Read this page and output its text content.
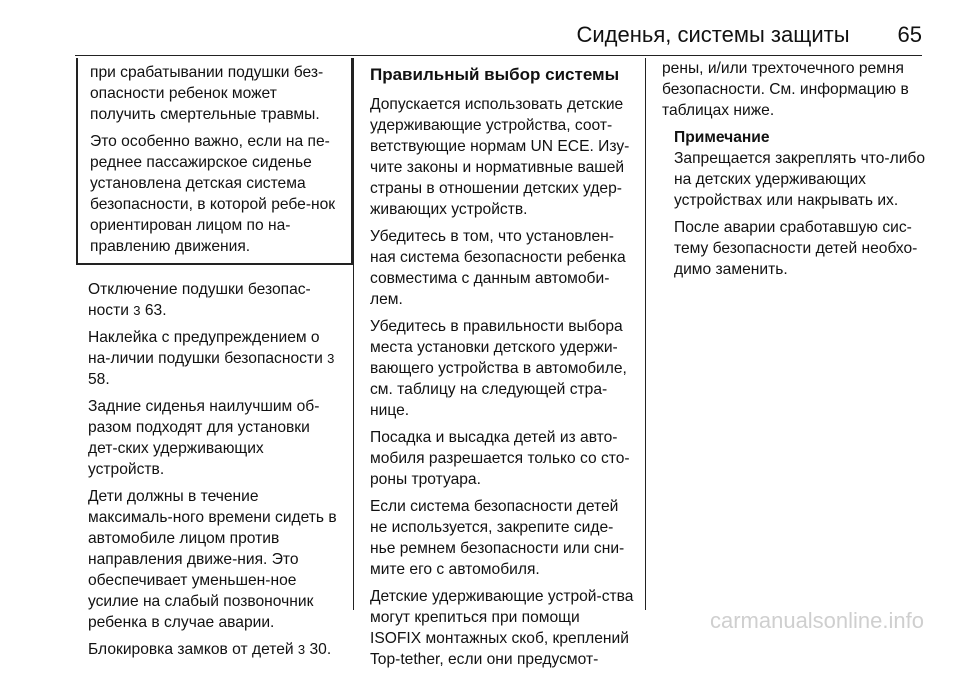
Сиденья, системы защиты 65

при срабатывании подушки без-опасности ребенок может получить смертельные травмы.

Это особенно важно, если на пе-реднее пассажирское сиденье установлена детская система безопасности, в которой ребе-нок ориентирован лицом по на-правлению движения.

Отключение подушки безопас-ности 3 63.

Наклейка с предупреждением о на-личии подушки безопасности 3 58.

Задние сиденья наилучшим об-разом подходят для установки дет-ских удерживающих устройств.

Дети должны в течение максималь-ного времени сидеть в автомобиле лицом против направления движе-ния. Это обеспечивает уменьшен-ное усилие на слабый позвоночник ребенка в случае аварии.

Блокировка замков от детей 3 30.

Правильный выбор системы

Допускается использовать детские удерживающие устройства, соот-ветствующие нормам UN ECE. Изу-чите законы и нормативные вашей страны в отношении детских удер-живающих устройств.

Убедитесь в том, что установлен-ная система безопасности ребенка совместима с данным автомоби-лем.

Убедитесь в правильности выбора места установки детского удержи-вающего устройства в автомобиле, см. таблицу на следующей стра-нице.

Посадка и высадка детей из авто-мобиля разрешается только со сто-роны тротуара.

Если система безопасности детей не используется, закрепите сиде-нье ремнем безопасности или сни-мите его с автомобиля.

Детские удерживающие устрой-ства могут крепиться при помощи ISOFIX монтажных скоб, креплений Top-tether, если они предусмот-

рены, и/или трехточечного ремня безопасности. См. информацию в таблицах ниже.

Примечание

Запрещается закреплять что-либо на детских удерживающих устройствах или накрывать их.

После аварии сработавшую сис-тему безопасности детей необхо-димо заменить.

carmanualsonline.info
